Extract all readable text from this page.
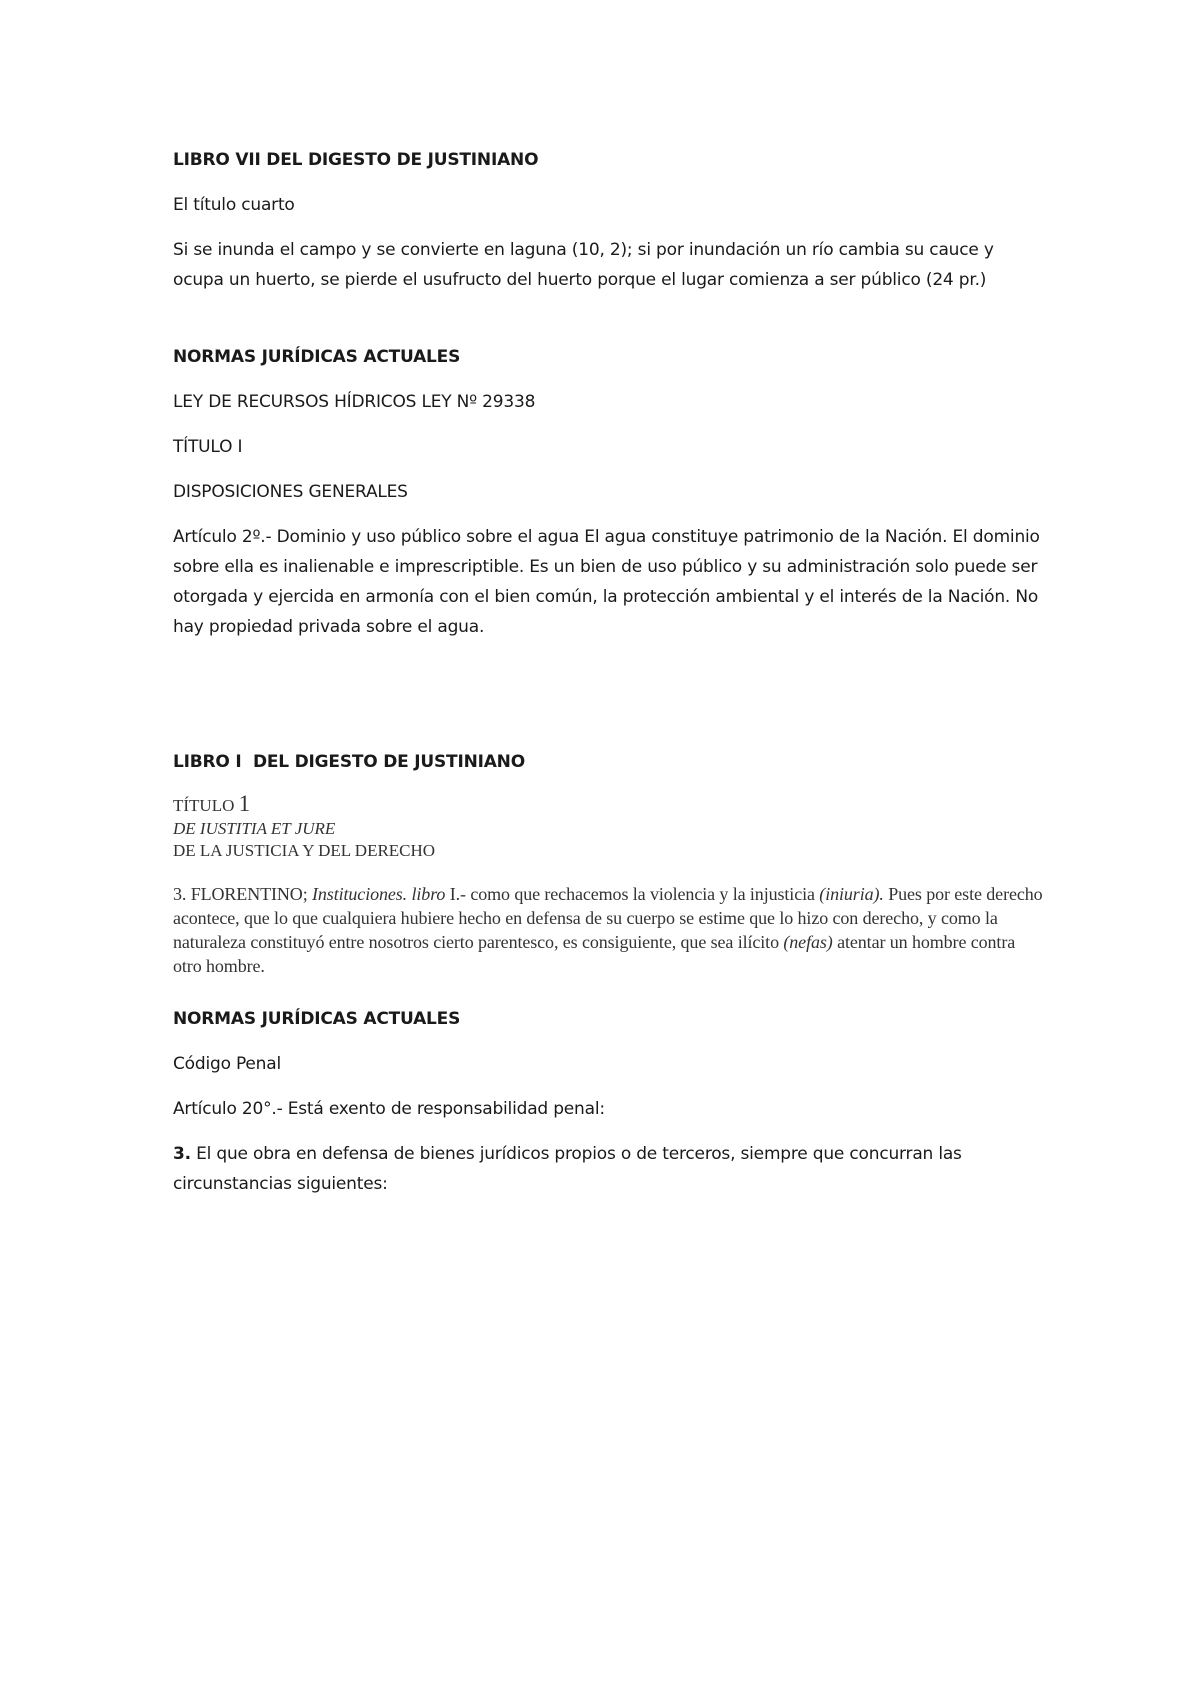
LIBRO VII DEL DIGESTO DE JUSTINIANO

El título cuarto

Si se inunda el campo y se convierte en laguna (10, 2); si por inundación un río cambia su cauce y ocupa un huerto, se pierde el usufructo del huerto porque el lugar comienza a ser público (24 pr.)

NORMAS JURÍDICAS ACTUALES

LEY DE RECURSOS HÍDRICOS LEY Nº 29338

TÍTULO I

DISPOSICIONES GENERALES

Artículo 2º.- Dominio y uso público sobre el agua El agua constituye patrimonio de la Nación. El dominio sobre ella es inalienable e imprescriptible. Es un bien de uso público y su administración solo puede ser otorgada y ejercida en armonía con el bien común, la protección ambiental y el interés de la Nación. No hay propiedad privada sobre el agua.

LIBRO I  DEL DIGESTO DE JUSTINIANO

TÍTULO 1

DE IUSTITIA ET JURE

DE LA JUSTICIA Y DEL DERECHO

3. FLORENTINO; Instituciones. libro I.- como que rechacemos la violencia y la injusticia (iniuria). Pues por este derecho acontece, que lo que cualquiera hubiere hecho en defensa de su cuerpo se estime que lo hizo con derecho, y como la naturaleza constituyó entre nosotros cierto parentesco, es consiguiente, que sea ilícito (nefas) atentar un hombre contra otro hombre.

NORMAS JURÍDICAS ACTUALES

Código Penal

Artículo 20°.- Está exento de responsabilidad penal:

3. El que obra en defensa de bienes jurídicos propios o de terceros, siempre que concurran las circunstancias siguientes:
